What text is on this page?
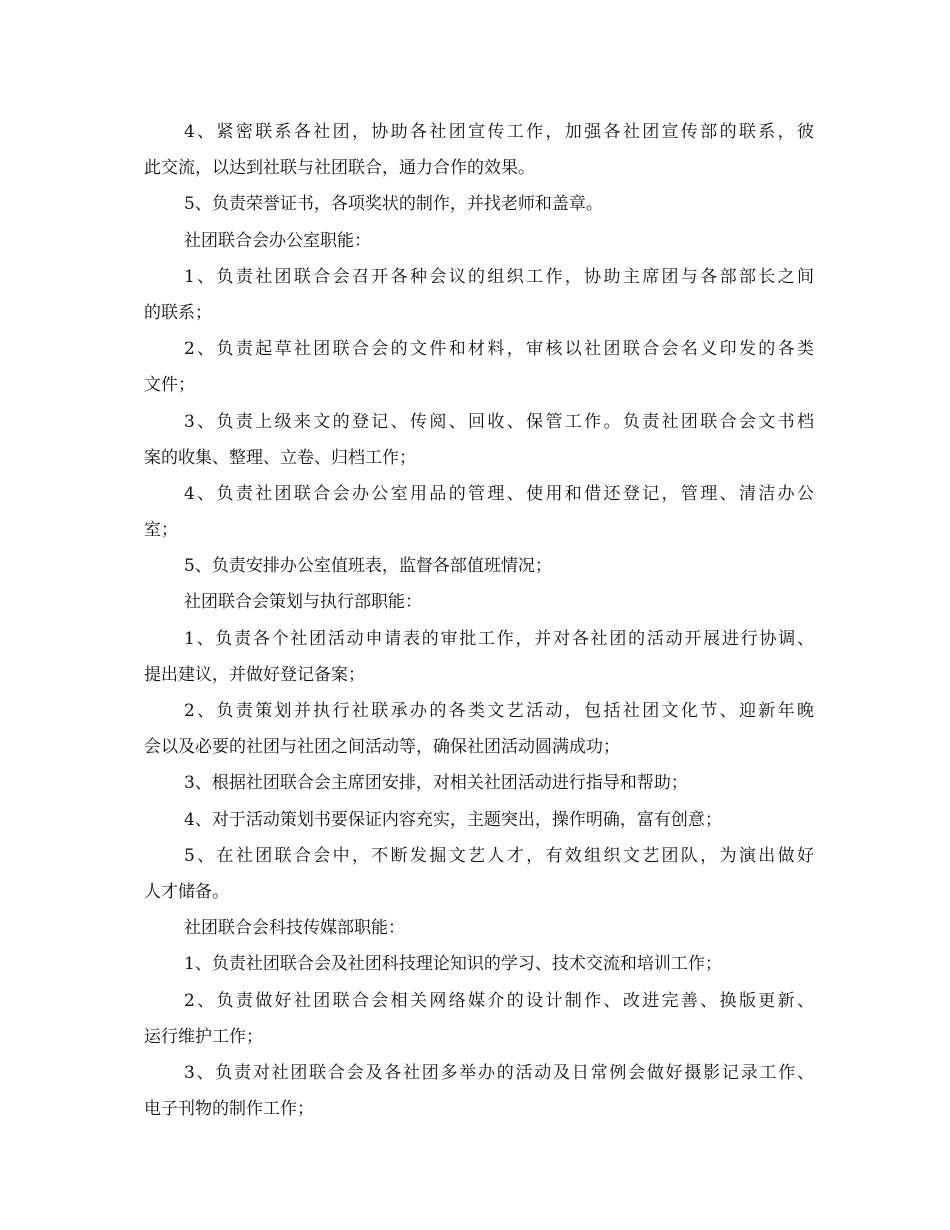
4、紧密联系各社团，协助各社团宣传工作，加强各社团宣传部的联系，彼
此交流，以达到社联与社团联合，通力合作的效果。
5、负责荣誉证书，各项奖状的制作，并找老师和盖章。
社团联合会办公室职能：
1、负责社团联合会召开各种会议的组织工作，协助主席团与各部部长之间
的联系；
2、负责起草社团联合会的文件和材料，审核以社团联合会名义印发的各类
文件；
3、负责上级来文的登记、传阅、回收、保管工作。负责社团联合会文书档
案的收集、整理、立卷、归档工作；
4、负责社团联合会办公室用品的管理、使用和借还登记，管理、清洁办公
室；
5、负责安排办公室值班表，监督各部值班情况；
社团联合会策划与执行部职能：
1、负责各个社团活动申请表的审批工作，并对各社团的活动开展进行协调、
提出建议，并做好登记备案；
2、负责策划并执行社联承办的各类文艺活动，包括社团文化节、迎新年晚
会以及必要的社团与社团之间活动等，确保社团活动圆满成功；
3、根据社团联合会主席团安排，对相关社团活动进行指导和帮助；
4、对于活动策划书要保证内容充实，主题突出，操作明确，富有创意；
5、在社团联合会中，不断发掘文艺人才，有效组织文艺团队，为演出做好
人才储备。
社团联合会科技传媒部职能：
1、负责社团联合会及社团科技理论知识的学习、技术交流和培训工作；
2、负责做好社团联合会相关网络媒介的设计制作、改进完善、换版更新、
运行维护工作；
3、负责对社团联合会及各社团多举办的活动及日常例会做好摄影记录工作、
电子刊物的制作工作；
